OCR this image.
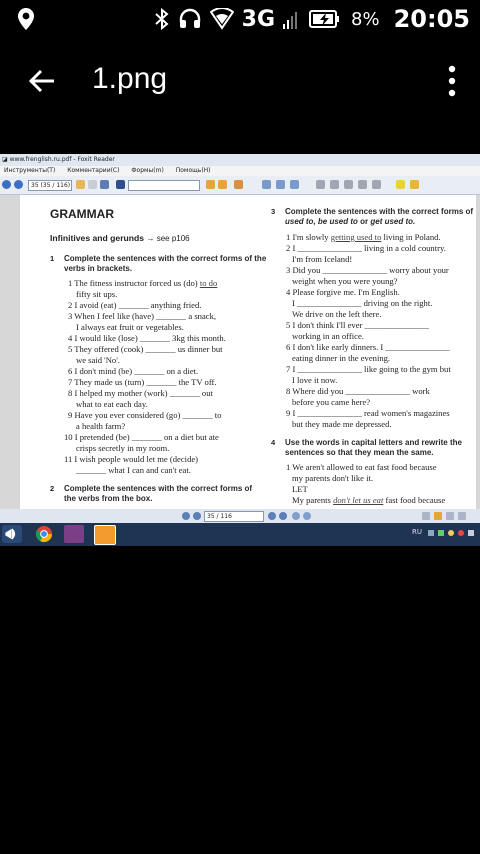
3G	8% 20:05
1.png
◪ www.frenglish.ru.pdf - Foxit Reader
Инструменты(T) Комментарии(C) Формы(m) Помощь(H)
35 (35 / 116)
GRAMMAR
Infinitives and gerunds → see p106
1 Complete the sentences with the correct forms of the
verbs in brackets.
1 The fitness instructor forced us (do) to do
fifty sit ups.
2 I avoid (eat) _______ anything fried.
3 When I feel like (have) _______ a snack,
I always eat fruit or vegetables.
4 I would like (lose) _______ 3kg this month.
5 They offered (cook) _______ us dinner but
we said 'No'.
6 I don't mind (be) _______ on a diet.
7 They made us (turn) _______ the TV off.
8 I helped my mother (work) _______ out
what to eat each day.
9 Have you ever considered (go) _______ to
a health farm?
10 I pretended (be) _______ on a diet but ate
crisps secretly in my room.
11 I wish people would let me (decide)
_______ what I can and can't eat.
2 Complete the sentences with the correct forms of
the verbs from the box.
3 Complete the sentences with the correct forms of
used to, be used to or get used to.
1 I'm slowly getting used to living in Poland.
2 I _______________ living in a cold country.
I'm from Iceland!
3 Did you _______________ worry about your
weight when you were young?
4 Please forgive me. I'm English.
I _______________ driving on the right.
We drive on the left there.
5 I don't think I'll ever _______________
working in an office.
6 I don't like early dinners. I _______________
eating dinner in the evening.
7 I _______________ like going to the gym but
I love it now.
8 Where did you _______________ work
before you came here?
9 I _______________ read women's magazines
but they made me depressed.
4 Use the words in capital letters and rewrite the
sentences so that they mean the same.
1 We aren't allowed to eat fast food because
my parents don't like it.
LET
My parents don't let us eat fast food because
35 / 116
RU
